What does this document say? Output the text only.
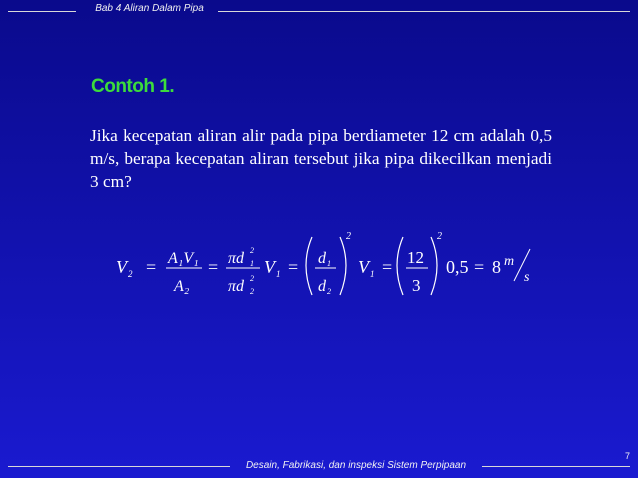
Bab 4 Aliran Dalam Pipa
Contoh 1.
Jika kecepatan aliran alir pada pipa berdiameter 12 cm adalah 0,5 m/s, berapa kecepatan aliran tersebut jika pipa dikecilkan menjadi 3 cm?
V 2 = A₁V₁
A₂
= πd 2
1
πd 2
2
V 1 = d 1
d 2
2
V 1 = 12
3
2
0,5 = 8 m
s
7
Desain, Fabrikasi, dan inspeksi Sistem Perpipaan
